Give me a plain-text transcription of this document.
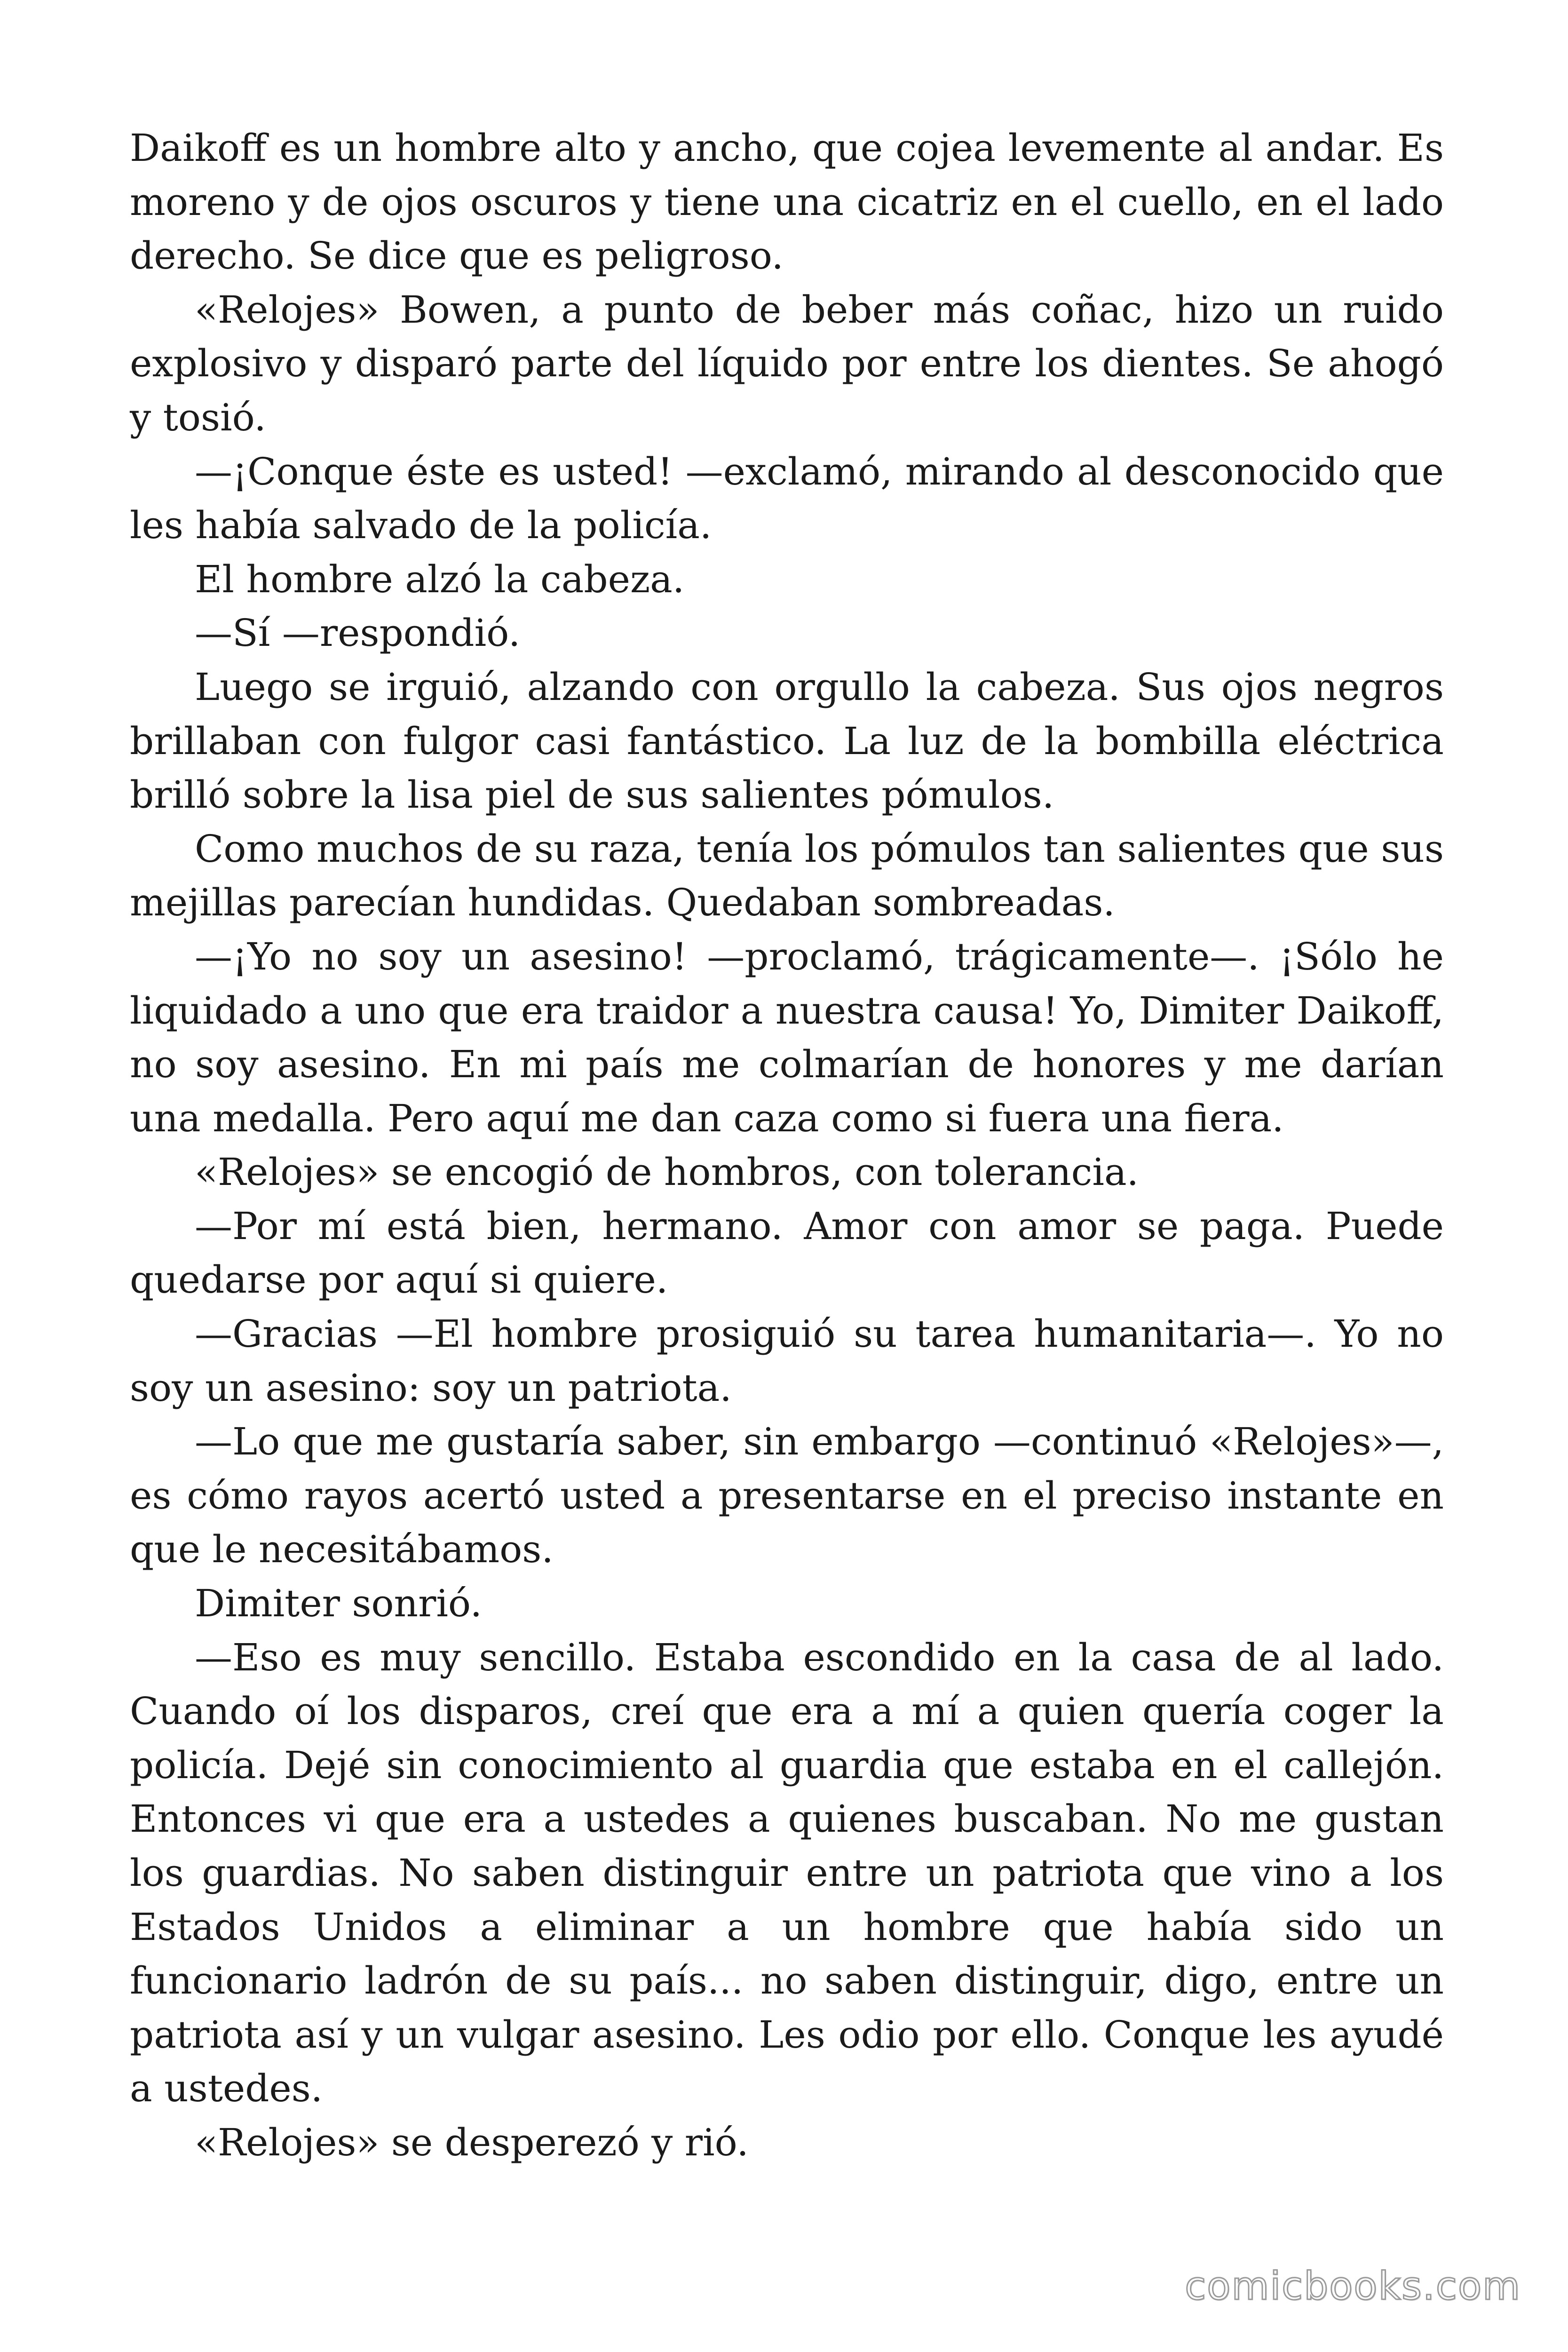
Daikoff es un hombre alto y ancho, que cojea levemente al andar. Es moreno y de ojos oscuros y tiene una cicatriz en el cuello, en el lado derecho. Se dice que es peligroso.

«Relojes» Bowen, a punto de beber más coñac, hizo un ruido explosivo y disparó parte del líquido por entre los dientes. Se ahogó y tosió.

—¡Conque éste es usted! —exclamó, mirando al desconocido que les había salvado de la policía.

El hombre alzó la cabeza.

—Sí —respondió.

Luego se irguió, alzando con orgullo la cabeza. Sus ojos negros brillaban con fulgor casi fantástico. La luz de la bombilla eléctrica brilló sobre la lisa piel de sus salientes pómulos.

Como muchos de su raza, tenía los pómulos tan salientes que sus mejillas parecían hundidas. Quedaban sombreadas.

—¡Yo no soy un asesino! —proclamó, trágicamente—. ¡Sólo he liquidado a uno que era traidor a nuestra causa! Yo, Dimiter Daikoff, no soy asesino. En mi país me colmarían de honores y me darían una medalla. Pero aquí me dan caza como si fuera una fiera.

«Relojes» se encogió de hombros, con tolerancia.

—Por mí está bien, hermano. Amor con amor se paga. Puede quedarse por aquí si quiere.

—Gracias —El hombre prosiguió su tarea humanitaria—. Yo no soy un asesino: soy un patriota.

—Lo que me gustaría saber, sin embargo —continuó «Relojes»—, es cómo rayos acertó usted a presentarse en el preciso instante en que le necesitábamos.

Dimiter sonrió.

—Eso es muy sencillo. Estaba escondido en la casa de al lado. Cuando oí los disparos, creí que era a mí a quien quería coger la policía. Dejé sin conocimiento al guardia que estaba en el callejón. Entonces vi que era a ustedes a quienes buscaban. No me gustan los guardias. No saben distinguir entre un patriota que vino a los Estados Unidos a eliminar a un hombre que había sido un funcionario ladrón de su país... no saben distinguir, digo, entre un patriota así y un vulgar asesino. Les odio por ello. Conque les ayudé a ustedes.

«Relojes» se desperezó y rió.

comicbooks.com
